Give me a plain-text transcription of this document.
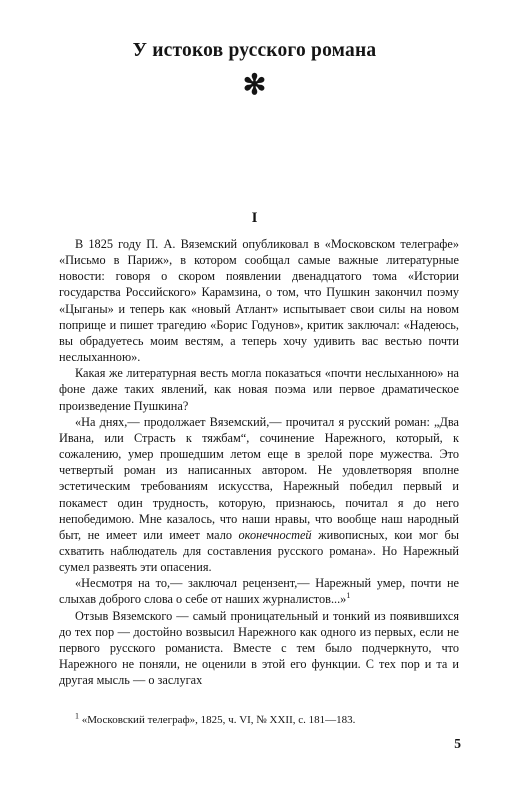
У истоков русского романа
✻
I

В 1825 году П. А. Вяземский опубликовал в «Московском телеграфе» «Письмо в Париж», в котором сообщал самые важные литературные новости: говоря о скором появлении двенадцатого тома «Истории государства Российского» Карамзина, о том, что Пушкин закончил поэму «Цыганы» и теперь как «новый Атлант» испытывает свои силы на новом поприще и пишет трагедию «Борис Годунов», критик заключал: «Надеюсь, вы обрадуетесь моим вестям, а теперь хочу удивить вас вестью почти неслыханною».

Какая же литературная весть могла показаться «почти неслыханною» на фоне даже таких явлений, как новая поэма или первое драматическое произведение Пушкина?

«На днях,— продолжает Вяземский,— прочитал я русский роман: „Два Ивана, или Страсть к тяжбам“, сочинение Нарежного, который, к сожалению, умер прошедшим летом еще в зрелой поре мужества. Это четвертый роман из написанных автором. Не удовлетворяя вполне эстетическим требованиям искусства, Нарежный победил первый и покамест один трудность, которую, признаюсь, почитал я до него непобедимою. Мне казалось, что наши нравы, что вообще наш народный быт, не имеет или имеет мало оконечностей живописных, кои мог бы схватить наблюдатель для составления русского романа». Но Нарежный сумел развеять эти опасения.

«Несмотря на то,— заключал рецензент,— Нарежный умер, почти не слыхав доброго слова о себе от наших журналистов...»$^1$

Отзыв Вяземского — самый проницательный и тонкий из появившихся до тех пор — достойно возвысил Нарежного как одного из первых, если не первого русского романиста. Вместе с тем было подчеркнуто, что Нарежного не поняли, не оценили в этой его функции. С тех пор и та и другая мысль — о заслугах

$^1$ «Московский телеграф», 1825, ч. VI, № XXII, с. 181—183.
5
